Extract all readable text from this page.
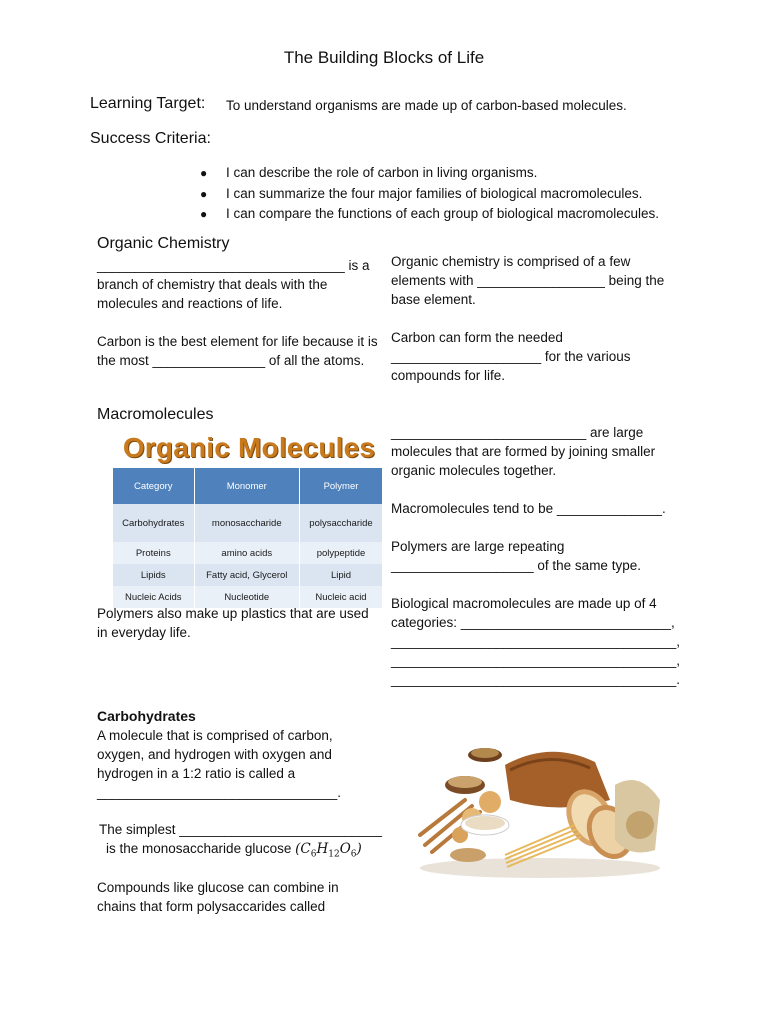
The Building Blocks of Life
Learning Target: To understand organisms are made up of carbon-based molecules.
Success Criteria:
● I can describe the role of carbon in living organisms.
● I can summarize the four major families of biological macromolecules.
● I can compare the functions of each group of biological macromolecules.
Organic Chemistry

_________________________________ is a branch of chemistry that deals with the molecules and reactions of life.

Carbon is the best element for life because it is the most _______________ of all the atoms.

Organic chemistry is comprised of a few elements with _________________ being the base element.

Carbon can form the needed ____________________ for the various compounds for life.

Macromolecules
Organic Molecules
Category	Monomer	Polymer
Carbohydrates	monosaccharide	polysaccharide
Proteins	amino acids	polypeptide
Lipids	Fatty acid, Glycerol	Lipid
Nucleic Acids	Nucleotide	Nucleic acid

Polymers also make up plastics that are used in everyday life.

__________________________ are large molecules that are formed by joining smaller organic molecules together.

Macromolecules tend to be ______________.

Polymers are large repeating ___________________ of the same type.

Biological macromolecules are made up of 4
categories: ____________________________,
______________________________________,
______________________________________,
______________________________________.

Carbohydrates
A molecule that is comprised of carbon, oxygen, and hydrogen with oxygen and hydrogen in a 1:2 ratio is called a ________________________________.
The simplest ___________________________
is the monosaccharide glucose $(C_6H_{12}O_6)$
Compounds like glucose can combine in chains that form polysaccarides called
